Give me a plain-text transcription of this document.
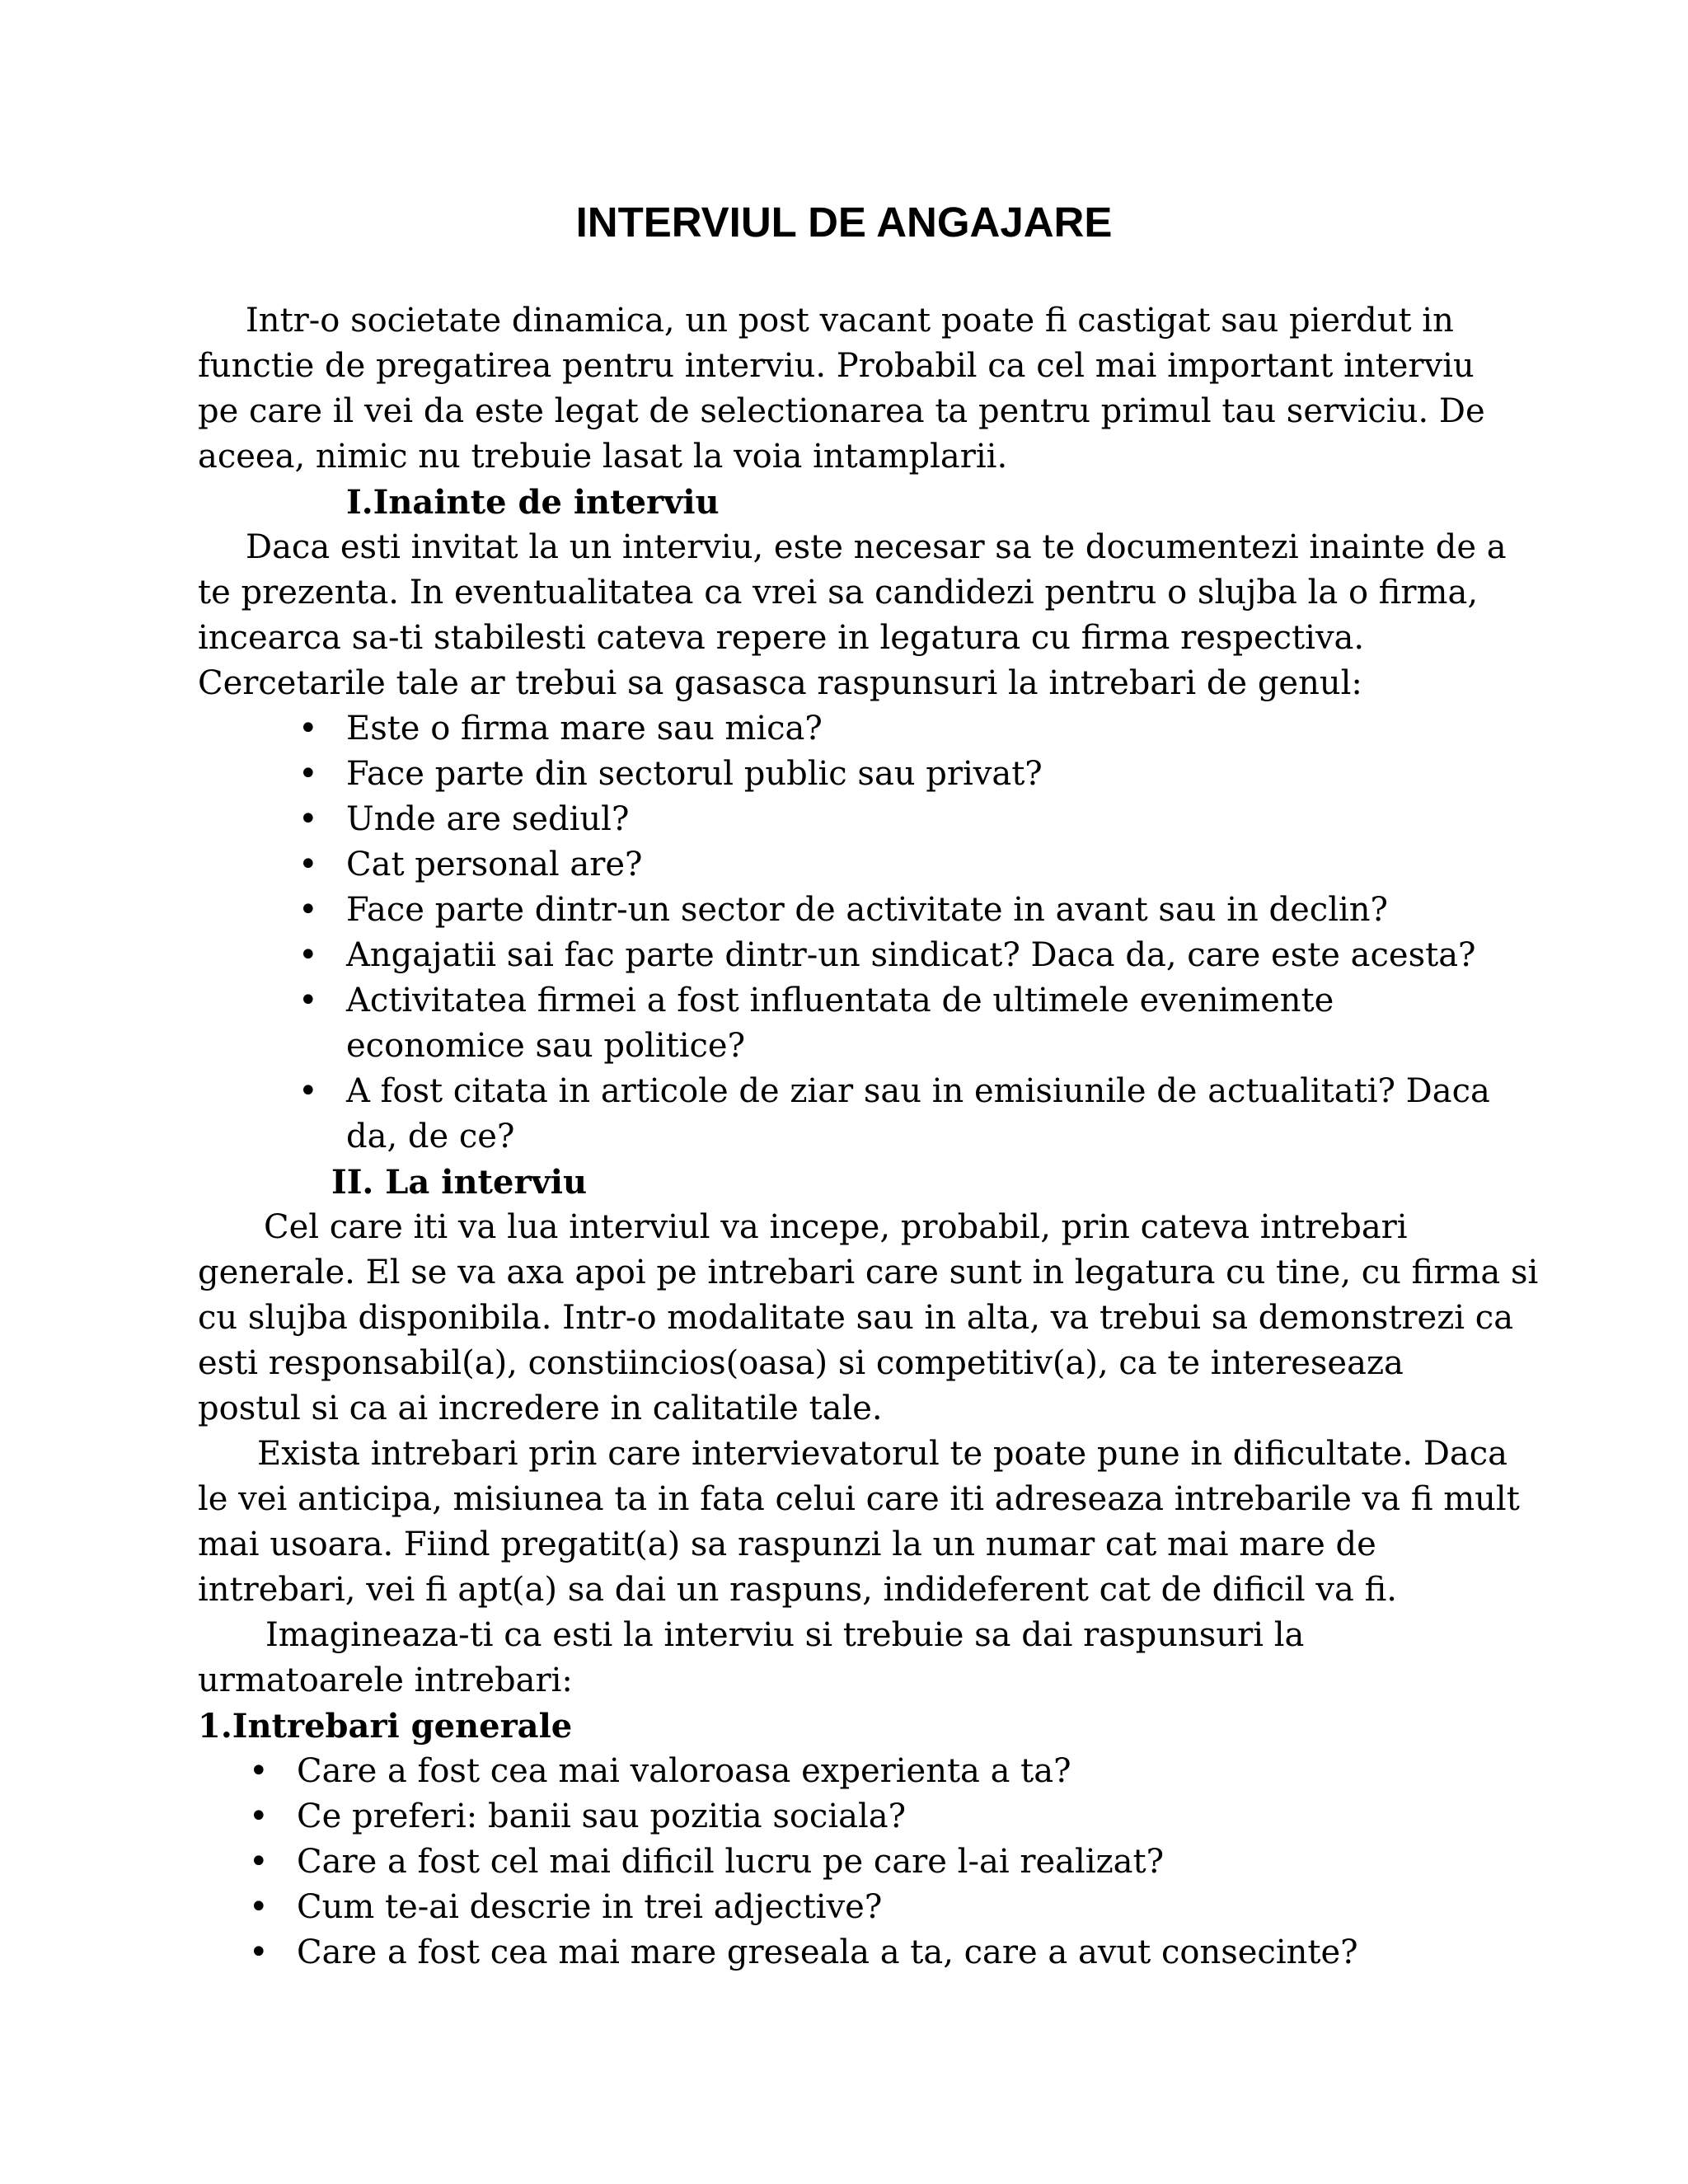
INTERVIUL DE ANGAJARE
Intr-o societate dinamica, un post vacant poate fi castigat sau pierdut in
functie de pregatirea pentru interviu. Probabil ca cel mai important interviu
pe care il vei da este legat de selectionarea ta pentru primul tau serviciu. De
aceea, nimic nu trebuie lasat la voia intamplarii.
I.Inainte de interviu
Daca esti invitat la un interviu, este necesar sa te documentezi inainte de a
te prezenta. In eventualitatea ca vrei sa candidezi pentru o slujba la o firma,
incearca sa-ti stabilesti cateva repere in legatura cu firma respectiva.
Cercetarile tale ar trebui sa gasasca raspunsuri la intrebari de genul:
• Este o firma mare sau mica?
• Face parte din sectorul public sau privat?
• Unde are sediul?
• Cat personal are?
• Face parte dintr-un sector de activitate in avant sau in declin?
• Angajatii sai fac parte dintr-un sindicat? Daca da, care este acesta?
• Activitatea firmei a fost influentata de ultimele evenimente
economice sau politice?
• A fost citata in articole de ziar sau in emisiunile de actualitati? Daca
da, de ce?
II. La interviu
Cel care iti va lua interviul va incepe, probabil, prin cateva intrebari
generale. El se va axa apoi pe intrebari care sunt in legatura cu tine, cu firma si
cu slujba disponibila. Intr-o modalitate sau in alta, va trebui sa demonstrezi ca
esti responsabil(a), constiincios(oasa) si competitiv(a), ca te intereseaza
postul si ca ai incredere in calitatile tale.
Exista intrebari prin care intervievatorul te poate pune in dificultate. Daca
le vei anticipa, misiunea ta in fata celui care iti adreseaza intrebarile va fi mult
mai usoara. Fiind pregatit(a) sa raspunzi la un numar cat mai mare de
intrebari, vei fi apt(a) sa dai un raspuns, indideferent cat de dificil va fi.
Imagineaza-ti ca esti la interviu si trebuie sa dai raspunsuri la
urmatoarele intrebari:
1.Intrebari generale
• Care a fost cea mai valoroasa experienta a ta?
• Ce preferi: banii sau pozitia sociala?
• Care a fost cel mai dificil lucru pe care l-ai realizat?
• Cum te-ai descrie in trei adjective?
• Care a fost cea mai mare greseala a ta, care a avut consecinte?
